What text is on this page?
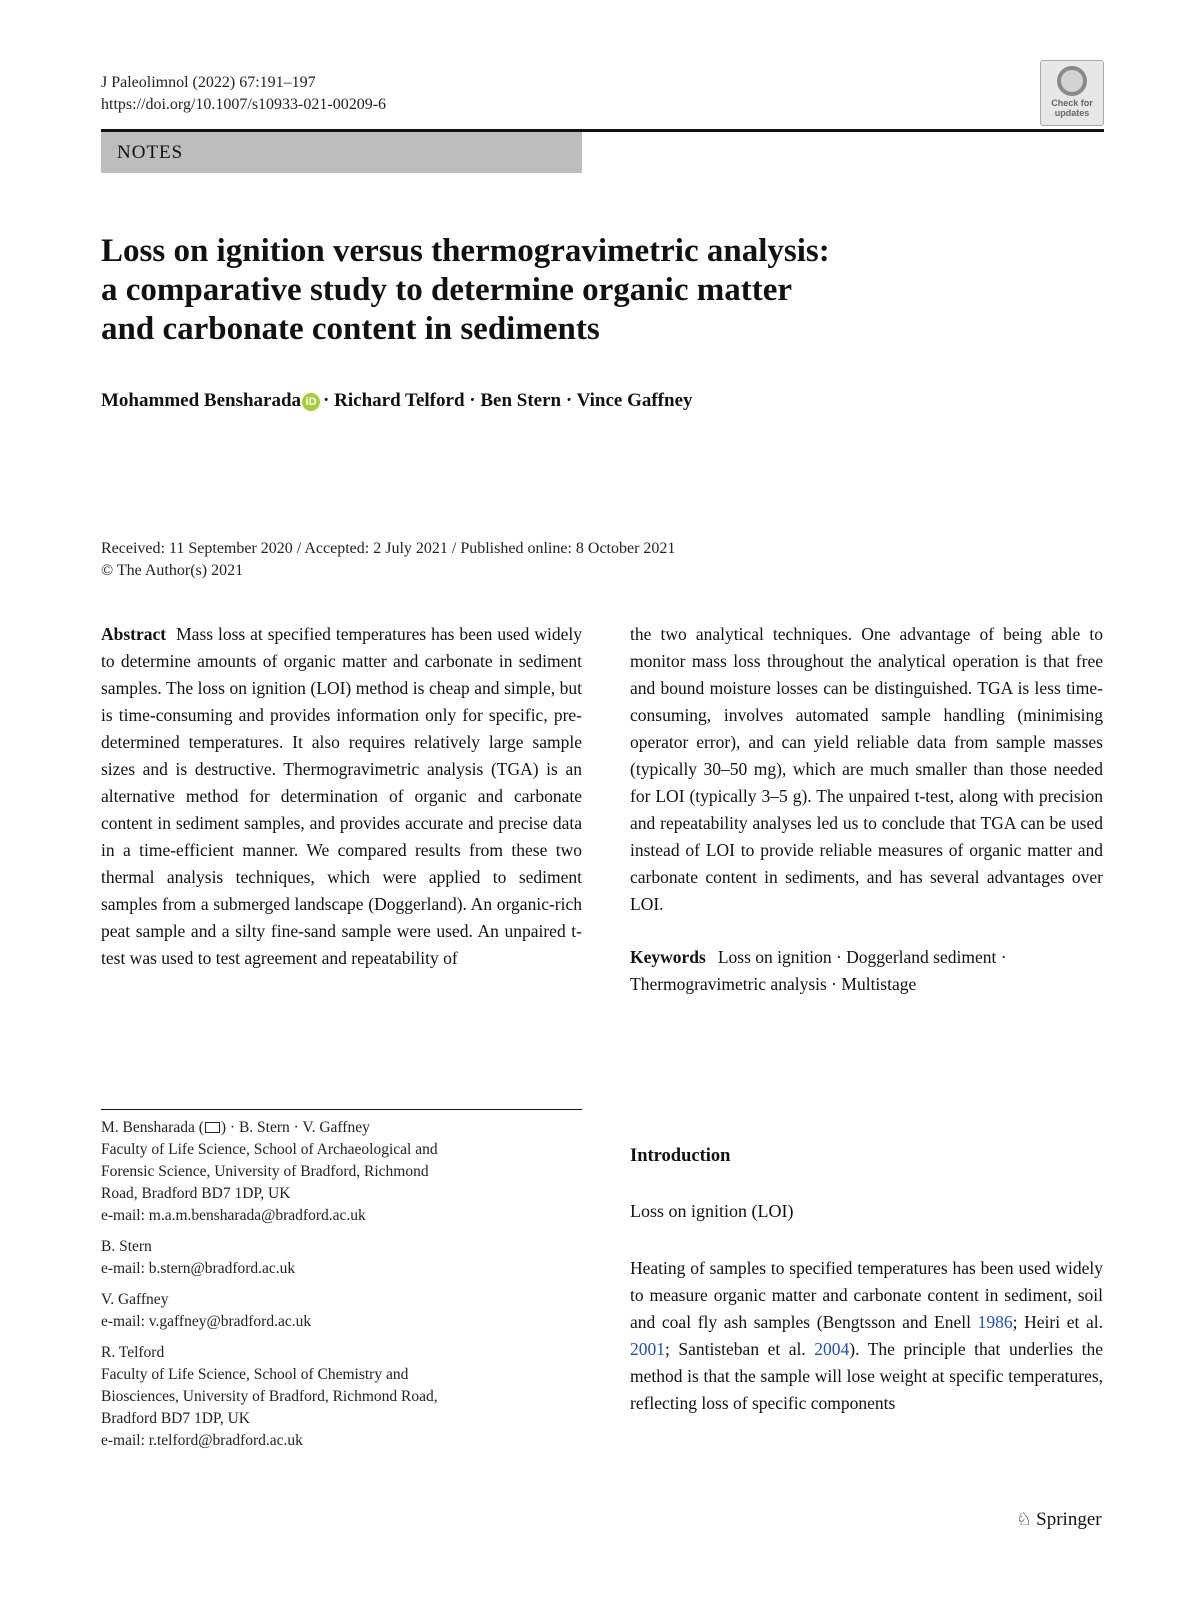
J Paleolimnol (2022) 67:191–197
https://doi.org/10.1007/s10933-021-00209-6	Check for
updates
NOTES
Loss on ignition versus thermogravimetric analysis:
a comparative study to determine organic matter
and carbonate content in sediments
Mohammed Bensharada iD · Richard Telford · Ben Stern · Vince Gaffney
Received: 11 September 2020 / Accepted: 2 July 2021 / Published online: 8 October 2021
© The Author(s) 2021

Abstract Mass loss at specified temperatures has been used widely to determine amounts of organic matter and carbonate in sediment samples. The loss on ignition (LOI) method is cheap and simple, but is time-consuming and provides information only for specific, pre-determined temperatures. It also requires relatively large sample sizes and is destructive. Thermogravimetric analysis (TGA) is an alternative method for determination of organic and carbonate content in sediment samples, and provides accurate and precise data in a time-efficient manner. We compared results from these two thermal analysis techniques, which were applied to sediment samples from a submerged landscape (Doggerland). An organic-rich peat sample and a silty fine-sand sample were used. An unpaired t-test was used to test agreement and repeatability of

the two analytical techniques. One advantage of being able to monitor mass loss throughout the analytical operation is that free and bound moisture losses can be distinguished. TGA is less time-consuming, involves automated sample handling (minimising operator error), and can yield reliable data from sample masses (typically 30–50 mg), which are much smaller than those needed for LOI (typically 3–5 g). The unpaired t-test, along with precision and repeatability analyses led us to conclude that TGA can be used instead of LOI to provide reliable measures of organic matter and carbonate content in sediments, and has several advantages over LOI.

Keywords Loss on ignition · Doggerland sediment · Thermogravimetric analysis · Multistage

M. Bensharada ( ) · B. Stern · V. Gaffney
Faculty of Life Science, School of Archaeological and
Forensic Science, University of Bradford, Richmond
Road, Bradford BD7 1DP, UK
e-mail: m.a.m.bensharada@bradford.ac.uk
B. Stern
e-mail: b.stern@bradford.ac.uk
V. Gaffney
e-mail: v.gaffney@bradford.ac.uk
R. Telford
Faculty of Life Science, School of Chemistry and
Biosciences, University of Bradford, Richmond Road,
Bradford BD7 1DP, UK
e-mail: r.telford@bradford.ac.uk
Introduction
Loss on ignition (LOI)

Heating of samples to specified temperatures has been used widely to measure organic matter and carbonate content in sediment, soil and coal fly ash samples (Bengtsson and Enell 1986; Heiri et al. 2001; Santisteban et al. 2004). The principle that underlies the method is that the sample will lose weight at specific temperatures, reflecting loss of specific components

♘ Springer
